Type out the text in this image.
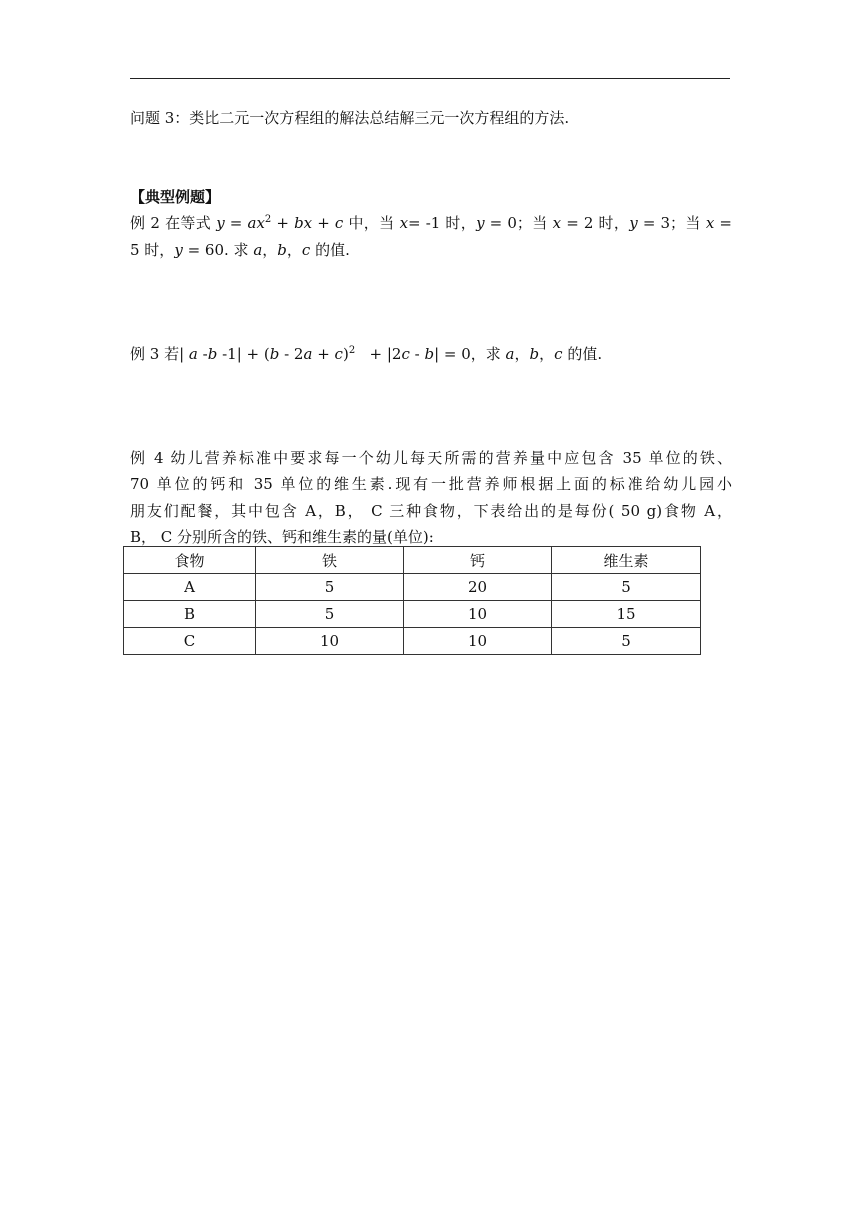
问题 3：类比二元一次方程组的解法总结解三元一次方程组的方法.
【典型例题】
例 2 在等式 $y = ax^2$ + bx + c 中，当 x= -1 时，y = 0；当 x = 2 时，y = 3；当 x =
5 时，y = 60. 求 a，b，c 的值.
例 3 若| a -b $-1| + (b - 2a + c)^2 + |2c - b| = 0$，求 a，b，c 的值.
例 4 幼儿营养标准中要求每一个幼儿每天所需的营养量中应包含 35 单位的铁、
70 单位的钙和 35 单位的维生素.现有一批营养师根据上面的标准给幼儿园小
朋友们配餐，其中包含 A，B， C 三种食物，下表给出的是每份( 50 g)食物 A，
B， C 分别所含的铁、钙和维生素的量(单位):
食物	铁	钙	维生素
A	5	20	5
B	5	10	15
C	10	10	5
